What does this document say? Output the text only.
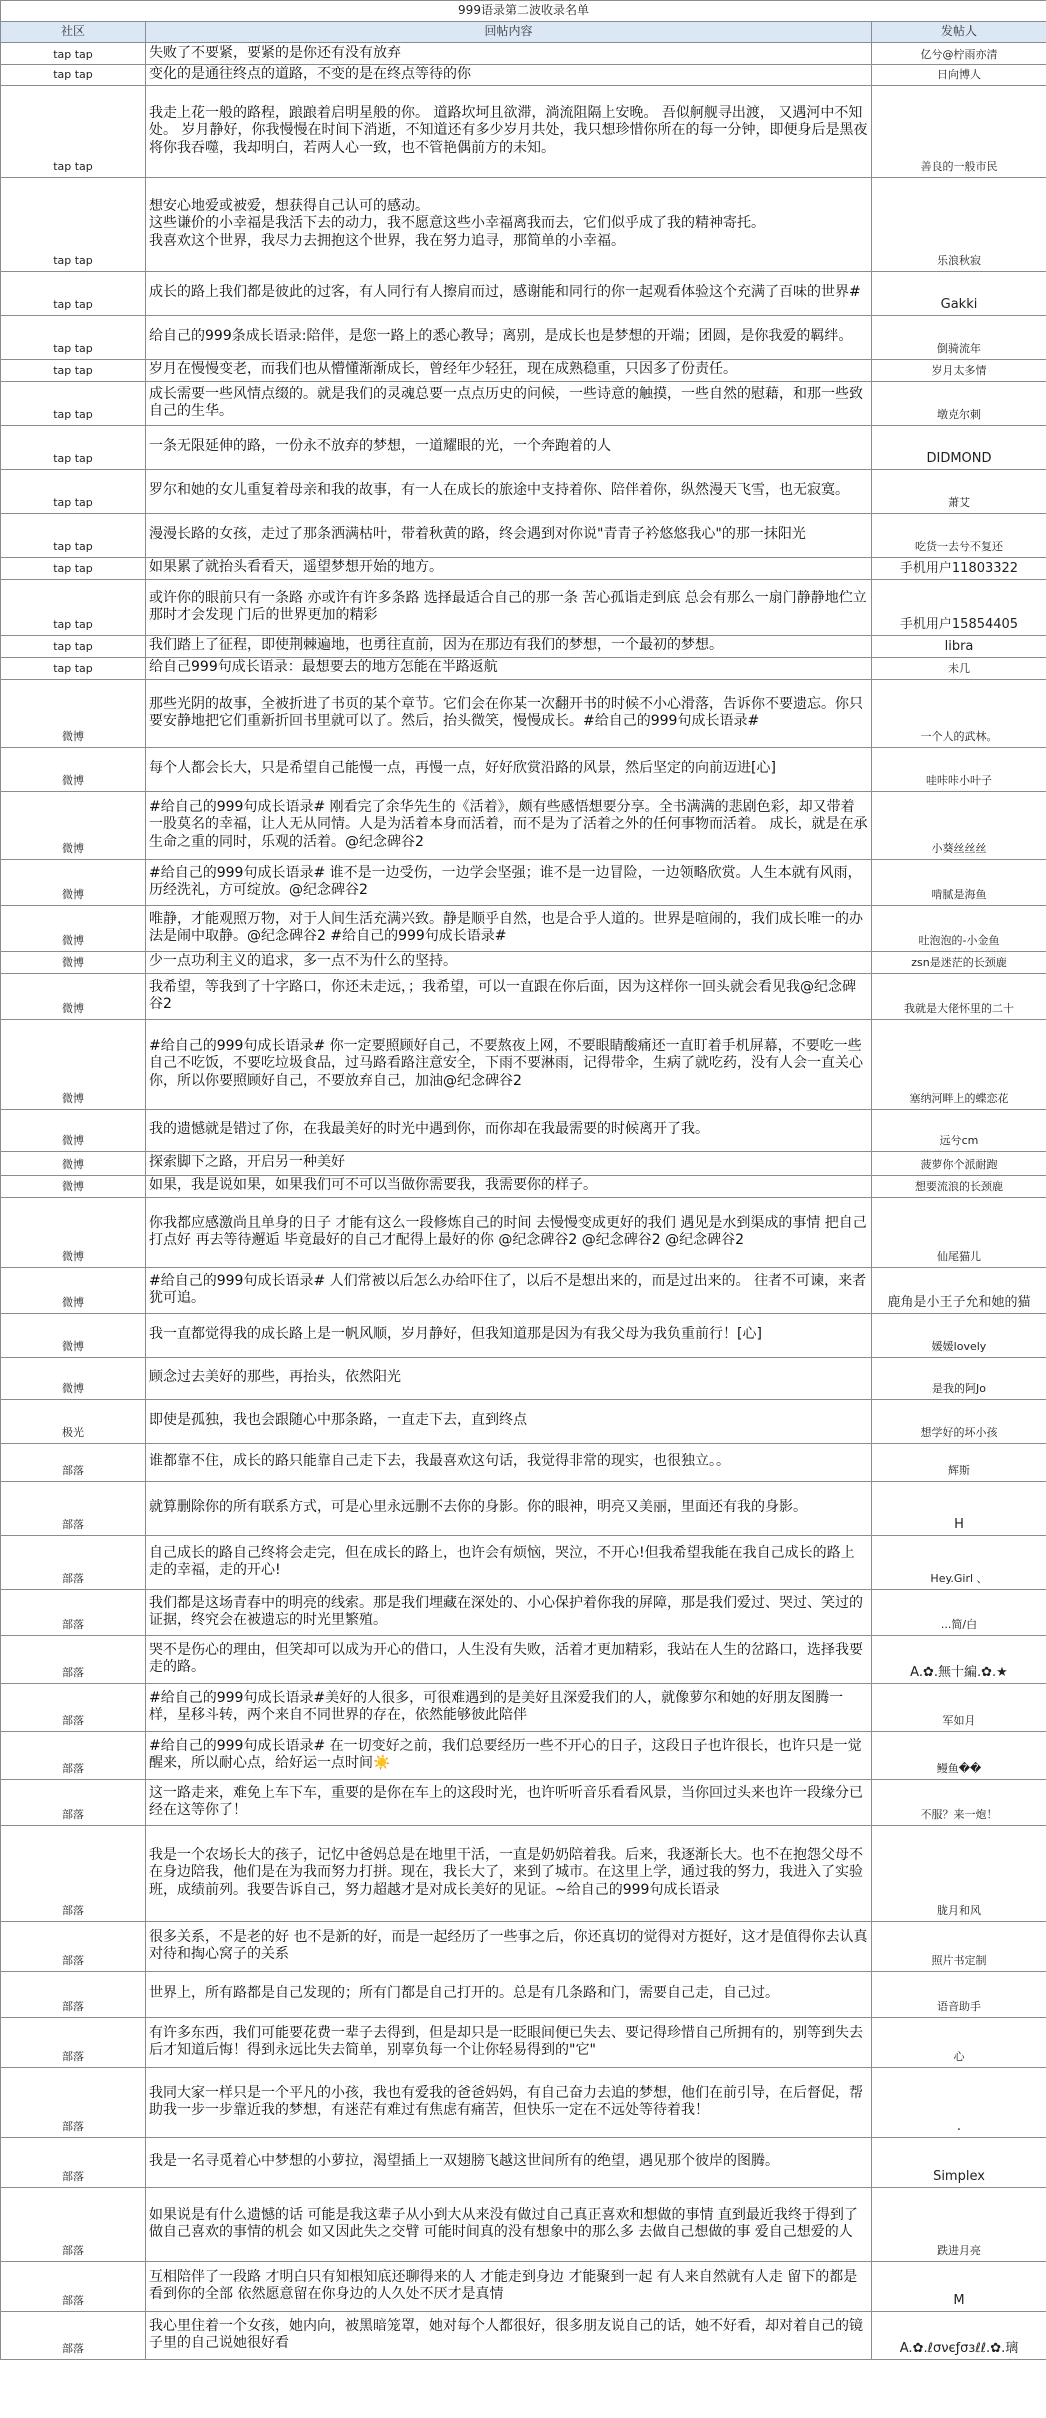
999语录第二波收录名单		
社区	回帖内容	发帖人
tap tap	失败了不要紧，要紧的是你还有没有放弃	亿兮@柠雨亦清
tap tap	变化的是通往终点的道路，不变的是在终点等待的你	日向博人
tap tap	我走上花一般的路程，踉踉着启明星般的你。 道路坎坷且欲滞，淌流阻隔上安晚。 吾似舸舰寻出渡， 又遇河中不知处。 岁月静好，你我慢慢在时间下消逝，不知道还有多少岁月共处，我只想珍惜你所在的每一分钟，即便身后是黑夜将你我吞噬，我却明白，若两人心一致，也不管艳偶前方的未知。	善良的一般市民
tap tap	想安心地爱或被爱，想获得自己认可的感动。
这些谦价的小幸福是我活下去的动力，我不愿意这些小幸福离我而去，它们似乎成了我的精神寄托。
我喜欢这个世界，我尽力去拥抱这个世界，我在努力追寻，那简单的小幸福。	乐浪秋寂
tap tap	成长的路上我们都是彼此的过客，有人同行有人擦肩而过，感谢能和同行的你一起观看体验这个充满了百味的世界#	Gakki
tap tap	给自己的999条成长语录:陪伴，是您一路上的悉心教导；离别，是成长也是梦想的开端；团圆，是你我爱的羁绊。	倒骑流年
tap tap	岁月在慢慢变老，而我们也从懵懂渐渐成长，曾经年少轻狂，现在成熟稳重，只因多了份责任。	岁月太多情
tap tap	成长需要一些风情点缀的。就是我们的灵魂总要一点点历史的问候，一些诗意的触摸，一些自然的慰藉，和那一些致自己的生华。	墩克尔刺
tap tap	一条无限延伸的路，一份永不放弃的梦想，一道耀眼的光，一个奔跑着的人	DIDMOND
tap tap	罗尔和她的女儿重复着母亲和我的故事，有一人在成长的旅途中支持着你、陪伴着你，纵然漫天飞雪，也无寂寞。	萧艾
tap tap	漫漫长路的女孩，走过了那条洒满枯叶，带着秋黄的路，终会遇到对你说"青青子衿悠悠我心"的那一抹阳光	吃货一去兮不复还
tap tap	如果累了就抬头看看天，遥望梦想开始的地方。	手机用户11803322
tap tap	或许你的眼前只有一条路 亦或许有许多条路 选择最适合自己的那一条 苦心孤诣走到底 总会有那么一扇门静静地伫立 那时才会发现 门后的世界更加的精彩	手机用户15854405
tap tap	我们踏上了征程，即使荆棘遍地，也勇往直前，因为在那边有我们的梦想，一个最初的梦想。	libra
tap tap	给自己999句成长语录：最想要去的地方怎能在半路返航	未几
微博	那些光阴的故事，全被折进了书页的某个章节。它们会在你某一次翻开书的时候不小心滑落，告诉你不要遗忘。你只要安静地把它们重新折回书里就可以了。然后，抬头微笑，慢慢成长。#给自己的999句成长语录#	一个人的武林。
微博	每个人都会长大，只是希望自己能慢一点，再慢一点，好好欣赏沿路的风景，然后坚定的向前迈进[心]	哇咔咔小叶子
微博	#给自己的999句成长语录# 刚看完了余华先生的《活着》，颇有些感悟想要分享。全书满满的悲剧色彩，却又带着一股莫名的幸福，让人无从同情。人是为活着本身而活着，而不是为了活着之外的任何事物而活着。 成长，就是在承生命之重的同时，乐观的活着。@纪念碑谷2	小葵丝丝丝
微博	#给自己的999句成长语录# 谁不是一边受伤，一边学会坚强；谁不是一边冒险，一边领略欣赏。人生本就有风雨，历经洗礼，方可绽放。@纪念碑谷2	啃腻是海鱼
微博	唯静，才能观照万物，对于人间生活充满兴致。静是顺乎自然，也是合乎人道的。世界是喧闹的，我们成长唯一的办法是闹中取静。@纪念碑谷2 #给自己的999句成长语录#	吐泡泡的-小金鱼
微博	少一点功利主义的追求，多一点不为什么的坚持。	zsn是迷茫的长颈鹿
微博	我希望，等我到了十字路口，你还未走远，；我希望，可以一直跟在你后面，因为这样你一回头就会看见我@纪念碑谷2	我就是大佬怀里的二十
微博	#给自己的999句成长语录# 你一定要照顾好自己，不要熬夜上网，不要眼睛酸痛还一直盯着手机屏幕，不要吃一些自己不吃饭，不要吃垃圾食品，过马路看路注意安全，下雨不要淋雨，记得带伞，生病了就吃药，没有人会一直关心你，所以你要照顾好自己，不要放弃自己，加油@纪念碑谷2	塞纳河畔上的蝶恋花
微博	我的遗憾就是错过了你，在我最美好的时光中遇到你，而你却在我最需要的时候离开了我。	远兮cm
微博	探索脚下之路，开启另一种美好	菠萝你个派耐跑
微博	如果，我是说如果，如果我们可不可以当做你需要我，我需要你的样子。	想要流浪的长颈鹿
微博	你我都应感激尚且单身的日子 才能有这么一段修炼自己的时间 去慢慢变成更好的我们 遇见是水到渠成的事情 把自己打点好 再去等待邂逅 毕竟最好的自己才配得上最好的你 @纪念碑谷2 @纪念碑谷2 @纪念碑谷2	仙尾猫儿
微博	#给自己的999句成长语录# 人们常被以后怎么办给吓住了，以后不是想出来的，而是过出来的。 往者不可谏，来者犹可追。	鹿角是小王子允和她的猫
微博	我一直都觉得我的成长路上是一帆风顺，岁月静好，但我知道那是因为有我父母为我负重前行！[心]	媛媛lovely
微博	顾念过去美好的那些，再抬头，依然阳光	是我的阿Jo
极光	即使是孤独，我也会跟随心中那条路，一直走下去，直到终点	想学好的坏小孩
部落	谁都靠不住，成长的路只能靠自己走下去，我最喜欢这句话，我觉得非常的现实，也很独立。。	辉斯
部落	就算删除你的所有联系方式，可是心里永远删不去你的身影。你的眼神，明亮又美丽，里面还有我的身影。	H
部落	自己成长的路自己终将会走完，但在成长的路上，也许会有烦恼，哭泣，不开心!但我希望我能在我自己成长的路上走的幸福，走的开心!	Hey.Girl 、
部落	我们都是这场青春中的明亮的线索。那是我们埋藏在深处的、小心保护着你我的屏障，那是我们爱过、哭过、笑过的证据，终究会在被遗忘的时光里繁殖。	...简/白
部落	哭不是伤心的理由，但笑却可以成为开心的借口，人生没有失败，活着才更加精彩，我站在人生的岔路口，选择我要走的路。	A.✿.無十編.✿.★
部落	#给自己的999句成长语录#美好的人很多，可很难遇到的是美好且深爱我们的人，就像萝尔和她的好朋友图腾一样，星移斗转，两个来自不同世界的存在，依然能够彼此陪伴	军如月
部落	#给自己的999句成长语录# 在一切变好之前，我们总要经历一些不开心的日子，这段日子也许很长，也许只是一觉醒来，所以耐心点，给好运一点时间☀️	鳗鱼��
部落	这一路走来，难免上车下车，重要的是你在车上的这段时光，也许听听音乐看看风景，当你回过头来也许一段缘分已经在这等你了！	不服？来一炮！
部落	我是一个农场长大的孩子，记忆中爸妈总是在地里干活，一直是奶奶陪着我。后来，我逐渐长大。也不在抱怨父母不在身边陪我，他们是在为我而努力打拼。现在，我长大了，来到了城市。在这里上学，通过我的努力，我进入了实验班，成绩前列。我要告诉自己，努力超越才是对成长美好的见证。~给自己的999句成长语录	胧月和风
部落	很多关系，不是老的好 也不是新的好，而是一起经历了一些事之后，你还真切的觉得对方挺好，这才是值得你去认真对待和掏心窝子的关系	照片书定制
部落	世界上，所有路都是自己发现的；所有门都是自己打开的。总是有几条路和门，需要自己走，自己过。	语音助手
部落	有许多东西，我们可能要花费一辈子去得到，但是却只是一眨眼间便已失去、要记得珍惜自己所拥有的，别等到失去后才知道后悔！得到永远比失去简单，别辜负每一个让你轻易得到的"它"	心
部落	我同大家一样只是一个平凡的小孩，我也有爱我的爸爸妈妈，有自己奋力去追的梦想，他们在前引导，在后督促，帮助我一步一步靠近我的梦想，有迷茫有难过有焦虑有痛苦，但快乐一定在不远处等待着我！	.
部落	我是一名寻觅着心中梦想的小萝拉，渴望插上一双翅膀飞越这世间所有的绝望，遇见那个彼岸的图腾。	Simplex
部落	如果说是有什么遗憾的话 可能是我这辈子从小到大从来没有做过自己真正喜欢和想做的事情 直到最近我终于得到了做自己喜欢的事情的机会 如又因此失之交臂 可能时间真的没有想象中的那么多 去做自己想做的事 爱自己想爱的人	跌进月亮
部落	互相陪伴了一段路 才明白只有知根知底还聊得来的人 才能走到身边 才能聚到一起 有人来自然就有人走 留下的都是看到你的全部 依然愿意留在你身边的人久处不厌才是真情	M
部落	我心里住着一个女孩，她内向，被黑暗笼罩，她对每个人都很好，很多朋友说自己的话，她不好看，却对着自己的镜子里的自己说她很好看	A.✿.ℓσνєƒσзℓℓ.✿.璃
